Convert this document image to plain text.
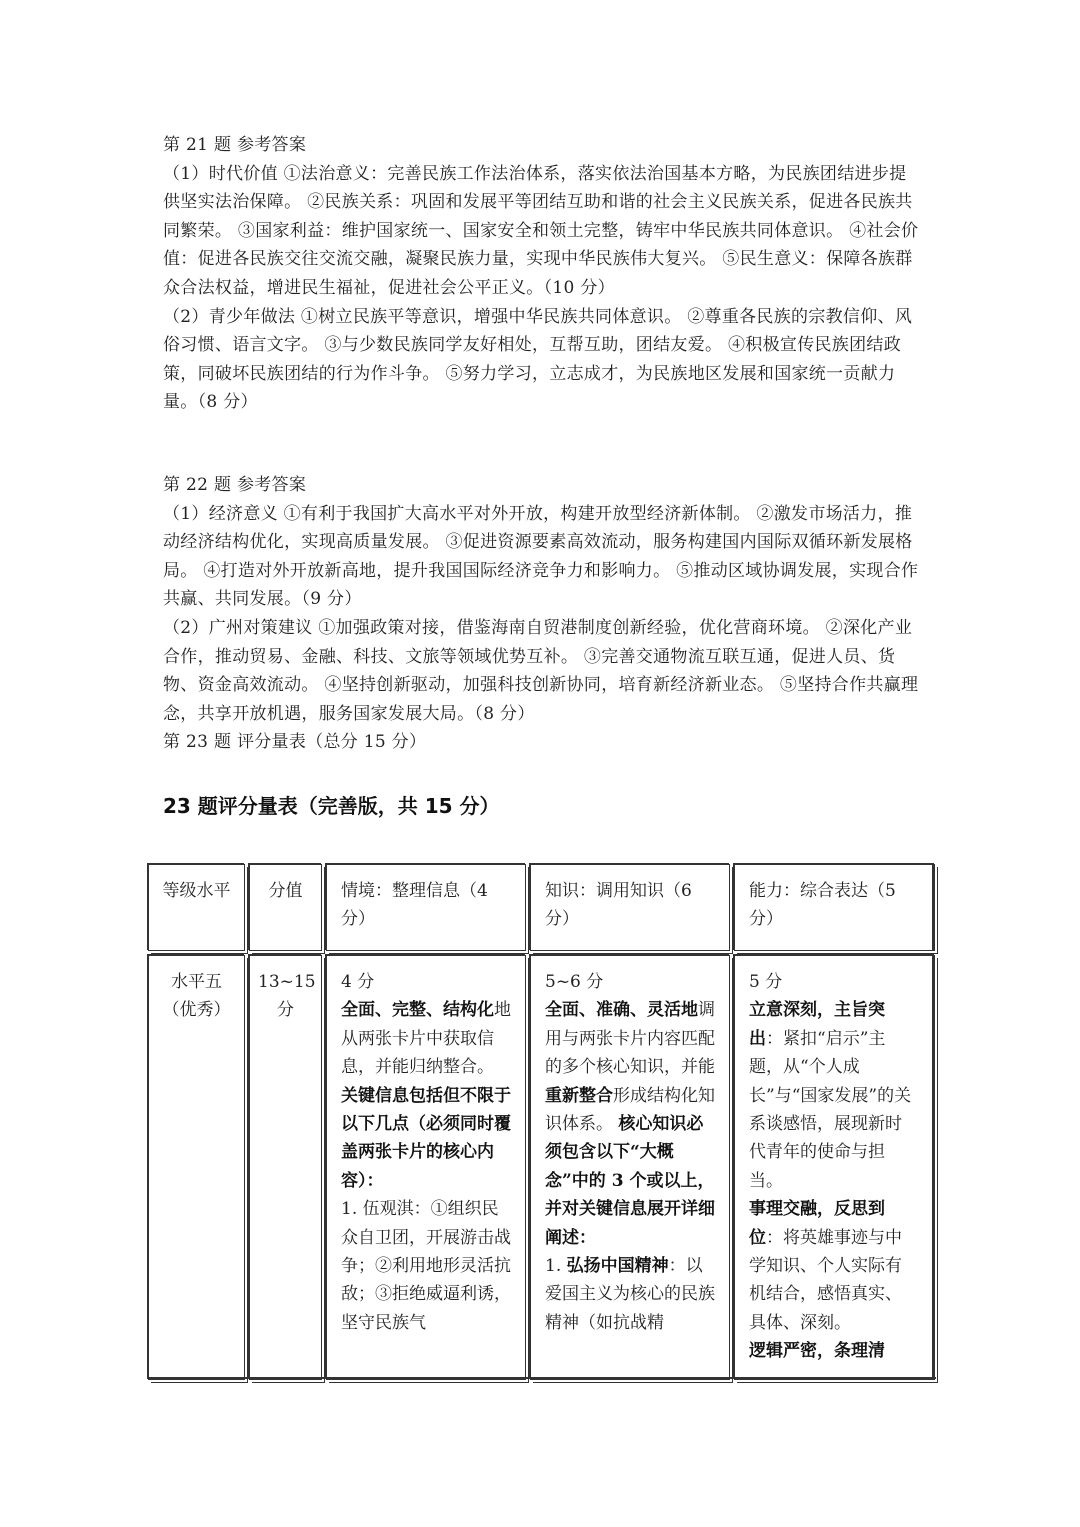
第 21 题 参考答案

（1）时代价值 ①法治意义：完善民族工作法治体系，落实依法治国基本方略，为民族团结进步提供坚实法治保障。 ②民族关系：巩固和发展平等团结互助和谐的社会主义民族关系，促进各民族共同繁荣。 ③国家利益：维护国家统一、国家安全和领土完整，铸牢中华民族共同体意识。 ④社会价值：促进各民族交往交流交融，凝聚民族力量，实现中华民族伟大复兴。 ⑤民生意义：保障各族群众合法权益，增进民生福祉，促进社会公平正义。（10 分）

（2）青少年做法 ①树立民族平等意识，增强中华民族共同体意识。 ②尊重各民族的宗教信仰、风俗习惯、语言文字。 ③与少数民族同学友好相处，互帮互助，团结友爱。 ④积极宣传民族团结政策，同破坏民族团结的行为作斗争。 ⑤努力学习，立志成才，为民族地区发展和国家统一贡献力量。（8 分）

第 22 题 参考答案

（1）经济意义 ①有利于我国扩大高水平对外开放，构建开放型经济新体制。 ②激发市场活力，推动经济结构优化，实现高质量发展。 ③促进资源要素高效流动，服务构建国内国际双循环新发展格局。 ④打造对外开放新高地，提升我国国际经济竞争力和影响力。 ⑤推动区域协调发展，实现合作共赢、共同发展。（9 分）

（2）广州对策建议 ①加强政策对接，借鉴海南自贸港制度创新经验，优化营商环境。 ②深化产业合作，推动贸易、金融、科技、文旅等领域优势互补。 ③完善交通物流互联互通，促进人员、货物、资金高效流动。 ④坚持创新驱动，加强科技创新协同，培育新经济新业态。 ⑤坚持合作共赢理念，共享开放机遇，服务国家发展大局。（8 分）

第 23 题 评分量表（总分 15 分）

23 题评分量表（完善版，共 15 分）
等级水平	分值	情境：整理信息（4 分）
知识：调用知识（6 分）
能力：综合表达（5 分）
水平五（优秀）
13~15 分

4 分

全面、完整、结构化地从两张卡片中获取信息，并能归纳整合。

关键信息包括但不限于以下几点（必须同时覆盖两张卡片的核心内容）：

1. 伍观淇：①组织民众自卫团，开展游击战争；②利用地形灵活抗敌；③拒绝威逼利诱，坚守民族气

5~6 分

全面、准确、灵活地调用与两张卡片内容匹配的多个核心知识，并能重新整合形成结构化知识体系。 核心知识必须包含以下“大概念”中的 3 个或以上，并对关键信息展开详细阐述：

1. 弘扬中国精神：以爱国主义为核心的民族精神（如抗战精

5 分

立意深刻，主旨突出：紧扣“启示”主题，从“个人成长”与“国家发展”的关系谈感悟，展现新时代青年的使命与担当。

事理交融，反思到位：将英雄事迹与中学知识、个人实际有机结合，感悟真实、具体、深刻。

逻辑严密，条理清
